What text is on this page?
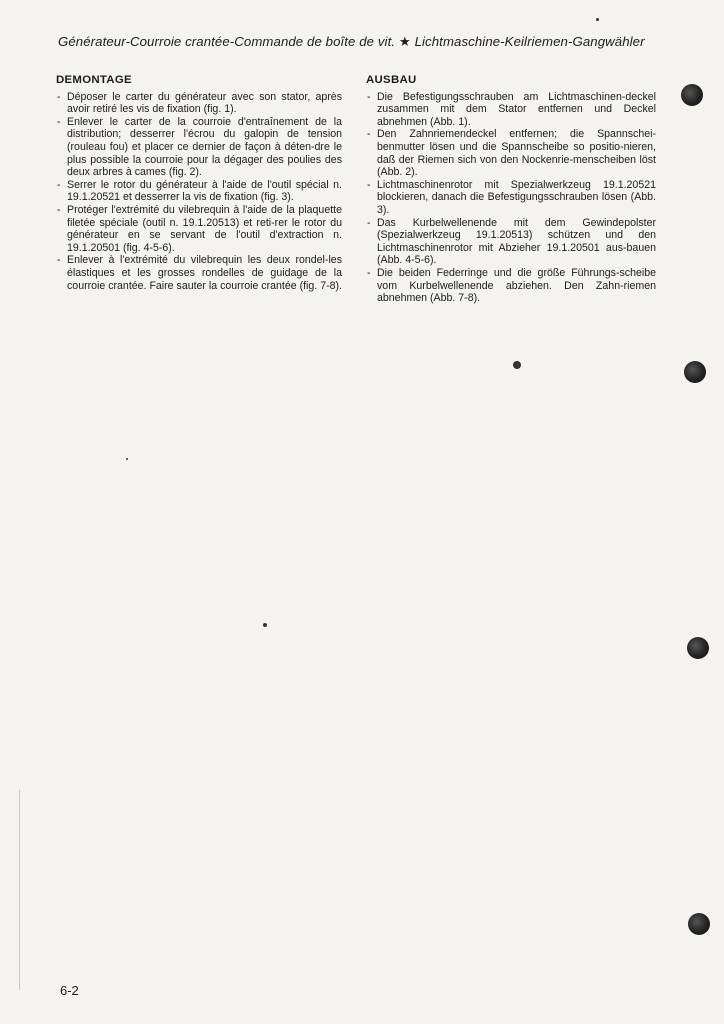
Générateur-Courroie crantée-Commande de boîte de vit. ★ Lichtmaschine-Keilriemen-Gangwähler
DEMONTAGE
- Déposer le carter du générateur avec son stator, après avoir retiré les vis de fixation (fig. 1).
- Enlever le carter de la courroie d'entraînement de la distribution; desserrer l'écrou du galopin de tension (rouleau fou) et placer ce dernier de façon à déten-dre le plus possible la courroie pour la dégager des poulies des deux arbres à cames (fig. 2).
- Serrer le rotor du générateur à l'aide de l'outil spécial n. 19.1.20521 et desserrer la vis de fixation (fig. 3).
- Protéger l'extrémité du vilebrequin à l'aide de la plaquette filetée spéciale (outil n. 19.1.20513) et reti-rer le rotor du générateur en se servant de l'outil d'extraction n. 19.1.20501 (fig. 4-5-6).
- Enlever à l'extrémité du vilebrequin les deux rondel-les élastiques et les grosses rondelles de guidage de la courroie crantée. Faire sauter la courroie crantée (fig. 7-8).
AUSBAU
- Die Befestigungsschrauben am Lichtmaschinen-deckel zusammen mit dem Stator entfernen und Deckel abnehmen (Abb. 1).
- Den Zahnriemendeckel entfernen; die Spannschei-benmutter lösen und die Spannscheibe so positio-nieren, daß der Riemen sich von den Nockenrie-menscheiben löst (Abb. 2).
- Lichtmaschinenrotor mit Spezialwerkzeug 19.1.20521 blockieren, danach die Befestigungsschrauben lösen (Abb. 3).
- Das Kurbelwellenende mit dem Gewindepolster (Spezialwerkzeug 19.1.20513) schützen und den Lichtmaschinenrotor mit Abzieher 19.1.20501 aus-bauen (Abb. 4-5-6).
- Die beiden Federringe und die größe Führungs-scheibe vom Kurbelwellenende abziehen. Den Zahn-riemen abnehmen (Abb. 7-8).
6-2
